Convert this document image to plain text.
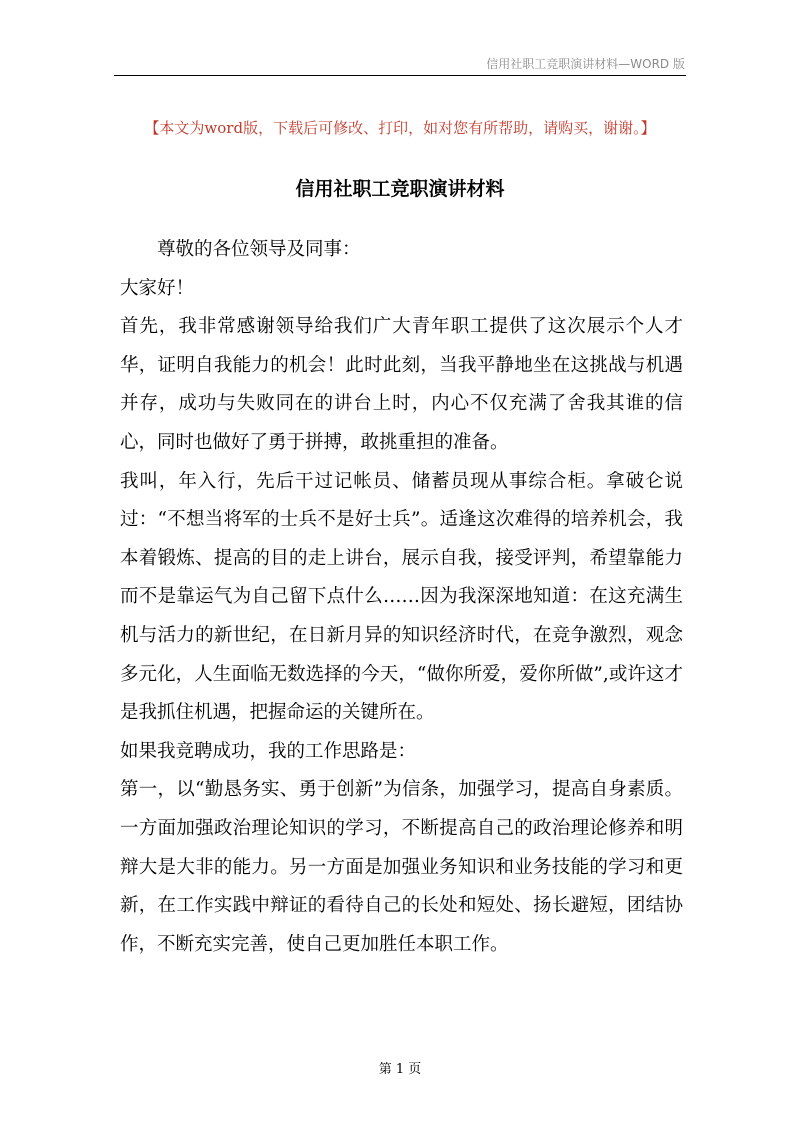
信用社职工竞职演讲材料—WORD 版
【本文为word版，下载后可修改、打印，如对您有所帮助，请购买，谢谢。】
信用社职工竞职演讲材料

尊敬的各位领导及同事：

大家好！

首先，我非常感谢领导给我们广大青年职工提供了这次展示个人才华，证明自我能力的机会！此时此刻，当我平静地坐在这挑战与机遇并存，成功与失败同在的讲台上时，内心不仅充满了舍我其谁的信心，同时也做好了勇于拼搏，敢挑重担的准备。

我叫，年入行，先后干过记帐员、储蓄员现从事综合柜。拿破仑说过：“不想当将军的士兵不是好士兵”。适逢这次难得的培养机会，我本着锻炼、提高的目的走上讲台，展示自我，接受评判，希望靠能力而不是靠运气为自己留下点什么……因为我深深地知道：在这充满生机与活力的新世纪，在日新月异的知识经济时代，在竞争激烈，观念多元化，人生面临无数选择的今天，“做你所爱，爱你所做”,或许这才是我抓住机遇，把握命运的关键所在。

如果我竞聘成功，我的工作思路是：

第一，以“勤恳务实、勇于创新”为信条，加强学习，提高自身素质。一方面加强政治理论知识的学习，不断提高自己的政治理论修养和明辩大是大非的能力。另一方面是加强业务知识和业务技能的学习和更新，在工作实践中辩证的看待自己的长处和短处、扬长避短，团结协作，不断充实完善，使自己更加胜任本职工作。

第 1 页
